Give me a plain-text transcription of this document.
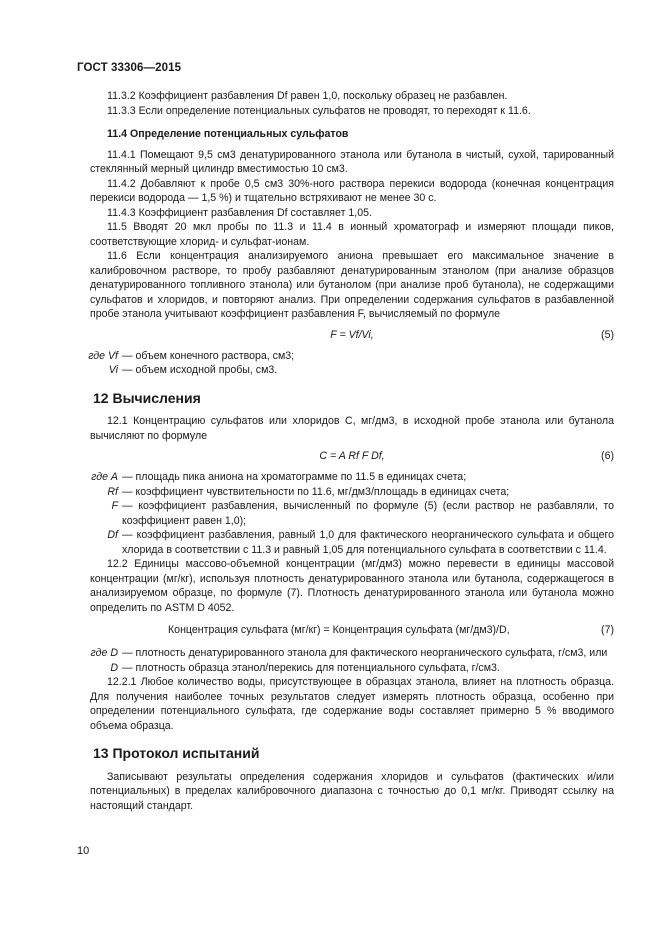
ГОСТ 33306—2015

11.3.2 Коэффициент разбавления Df равен 1,0, поскольку образец не разбавлен.

11.3.3 Если определение потенциальных сульфатов не проводят, то переходят к 11.6.

11.4 Определение потенциальных сульфатов

11.4.1 Помещают 9,5 см3 денатурированного этанола или бутанола в чистый, сухой, тарированный стеклянный мерный цилиндр вместимостью 10 см3.

11.4.2 Добавляют к пробе 0,5 см3 30%-ного раствора перекиси водорода (конечная концентрация перекиси водорода — 1,5 %) и тщательно встряхивают не менее 30 с.

11.4.3 Коэффициент разбавления Df составляет 1,05.

11.5 Вводят 20 мкл пробы по 11.3 и 11.4 в ионный хроматограф и измеряют площади пиков, соответствующие хлорид- и сульфат-ионам.

11.6 Если концентрация анализируемого аниона превышает его максимальное значение в калибровочном растворе, то пробу разбавляют денатурированным этанолом (при анализе образцов денатурированного топливного этанола) или бутанолом (при анализе проб бутанола), не содержащими сульфатов и хлоридов, и повторяют анализ. При определении содержания сульфатов в разбавленной пробе этанола учитывают коэффициент разбавления F, вычисляемый по формуле

F = Vf/Vi,	(5)
где Vf — объем конечного раствора, см3;
Vi — объем исходной пробы, см3.

12 Вычисления

12.1 Концентрацию сульфатов или хлоридов C, мг/дм3, в исходной пробе этанола или бутанола вычисляют по формуле

C = A Rf F Df,	(6)
где A — площадь пика аниона на хроматограмме по 11.5 в единицах счета;
Rf — коэффициент чувствительности по 11.6, мг/дм3/площадь в единицах счета;
F — коэффициент разбавления, вычисленный по формуле (5) (если раствор не разбавляли, то коэффициент равен 1,0);
Df — коэффициент разбавления, равный 1,0 для фактического неорганического сульфата и общего хлорида в соответствии с 11.3 и равный 1,05 для потенциального сульфата в соответствии с 11.4.

12.2 Единицы массово-объемной концентрации (мг/дм3) можно перевести в единицы массовой концентрации (мг/кг), используя плотность денатурированного этанола или бутанола, содержащегося в анализируемом образце, по формуле (7). Плотность денатурированного этанола или бутанола можно определить по ASTM D 4052.

Концентрация сульфата (мг/кг) = Концентрация сульфата (мг/дм3)/D,	(7)
где D — плотность денатурированного этанола для фактического неорганического сульфата, г/см3, или
D — плотность образца этанол/перекись для потенциального сульфата, г/см3.

12.2.1 Любое количество воды, присутствующее в образцах этанола, влияет на плотность образца. Для получения наиболее точных результатов следует измерять плотность образца, особенно при определении потенциального сульфата, где содержание воды составляет примерно 5 % вводимого объема образца.

13 Протокол испытаний

Записывают результаты определения содержания хлоридов и сульфатов (фактических и/или потенциальных) в пределах калибровочного диапазона с точностью до 0,1 мг/кг. Приводят ссылку на настоящий стандарт.

10
